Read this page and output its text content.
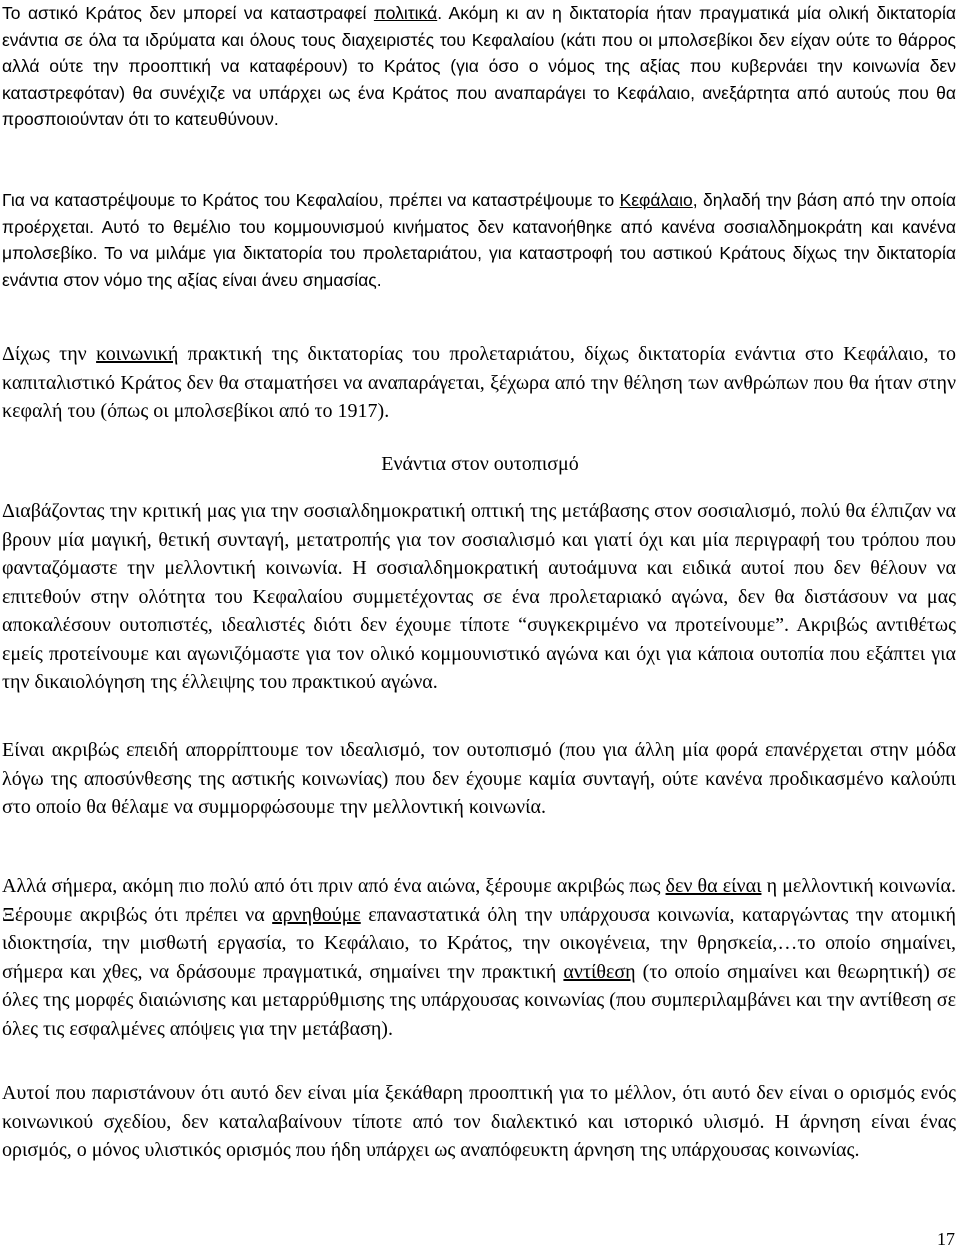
Το αστικό Κράτος δεν μπορεί να καταστραφεί πολιτικά. Ακόμη κι αν η δικτατορία ήταν πραγματικά μία ολική δικτατορία ενάντια σε όλα τα ιδρύματα και όλους τους διαχειριστές του Κεφαλαίου (κάτι που οι μπολσεβίκοι δεν είχαν ούτε το θάρρος αλλά ούτε την προοπτική να καταφέρουν) το Κράτος (για όσο ο νόμος της αξίας που κυβερνάει την κοινωνία δεν καταστρεφόταν) θα συνέχιζε να υπάρχει ως ένα Κράτος που αναπαράγει το Κεφάλαιο, ανεξάρτητα από αυτούς που θα προσποιούνταν ότι το κατευθύνουν.

Για να καταστρέψουμε το Κράτος του Κεφαλαίου, πρέπει να καταστρέψουμε το Κεφάλαιο, δηλαδή την βάση από την οποία προέρχεται. Αυτό το θεμέλιο του κομμουνισμού κινήματος δεν κατανοήθηκε από κανένα σοσιαλδημοκράτη και κανένα μπολσεβίκο. Το να μιλάμε για δικτατορία του προλεταριάτου, για καταστροφή του αστικού Κράτους δίχως την δικτατορία ενάντια στον νόμο της αξίας είναι άνευ σημασίας.

Δίχως την κοινωνική πρακτική της δικτατορίας του προλεταριάτου, δίχως δικτατορία ενάντια στο Κεφάλαιο, το καπιταλιστικό Κράτος δεν θα σταματήσει να αναπαράγεται, ξέχωρα από την θέληση των ανθρώπων που θα ήταν στην κεφαλή του (όπως οι μπολσεβίκοι από το 1917).

Ενάντια στον ουτοπισμό

Διαβάζοντας την κριτική μας για την σοσιαλδημοκρατική οπτική της μετάβασης στον σοσιαλισμό, πολύ θα έλπιζαν να βρουν μία μαγική, θετική συνταγή, μετατροπής για τον σοσιαλισμό και γιατί όχι και μία περιγραφή του τρόπου που φανταζόμαστε την μελλοντική κοινωνία. Η σοσιαλδημοκρατική αυτοάμυνα και ειδικά αυτοί που δεν θέλουν να επιτεθούν στην ολότητα του Κεφαλαίου συμμετέχοντας σε ένα προλεταριακό αγώνα, δεν θα διστάσουν να μας αποκαλέσουν ουτοπιστές, ιδεαλιστές διότι δεν έχουμε τίποτε “συγκεκριμένο να προτείνουμε”. Ακριβώς αντιθέτως εμείς προτείνουμε και αγωνιζόμαστε για τον ολικό κομμουνιστικό αγώνα και όχι για κάποια ουτοπία που εξάπτει για την δικαιολόγηση της έλλειψης του πρακτικού αγώνα.

Είναι ακριβώς επειδή απορρίπτουμε τον ιδεαλισμό, τον ουτοπισμό (που για άλλη μία φορά επανέρχεται στην μόδα λόγω της αποσύνθεσης της αστικής κοινωνίας) που δεν έχουμε καμία συνταγή, ούτε κανένα προδικασμένο καλούπι στο οποίο θα θέλαμε να συμμορφώσουμε την μελλοντική κοινωνία.

Αλλά σήμερα, ακόμη πιο πολύ από ότι πριν από ένα αιώνα, ξέρουμε ακριβώς πως δεν θα είναι η μελλοντική κοινωνία. Ξέρουμε ακριβώς ότι πρέπει να αρνηθούμε επαναστατικά όλη την υπάρχουσα κοινωνία, καταργώντας την ατομική ιδιοκτησία, την μισθωτή εργασία, το Κεφάλαιο, το Κράτος, την οικογένεια, την θρησκεία,…το οποίο σημαίνει, σήμερα και χθες, να δράσουμε πραγματικά, σημαίνει την πρακτική αντίθεση (το οποίο σημαίνει και θεωρητική) σε όλες της μορφές διαιώνισης και μεταρρύθμισης της υπάρχουσας κοινωνίας (που συμπεριλαμβάνει και την αντίθεση σε όλες τις εσφαλμένες απόψεις για την μετάβαση).

Αυτοί που παριστάνουν ότι αυτό δεν είναι μία ξεκάθαρη προοπτική για το μέλλον, ότι αυτό δεν είναι ο ορισμός ενός κοινωνικού σχεδίου, δεν καταλαβαίνουν τίποτε από τον διαλεκτικό και ιστορικό υλισμό. Η άρνηση είναι ένας ορισμός, ο μόνος υλιστικός ορισμός που ήδη υπάρχει ως αναπόφευκτη άρνηση της υπάρχουσας κοινωνίας.

17
